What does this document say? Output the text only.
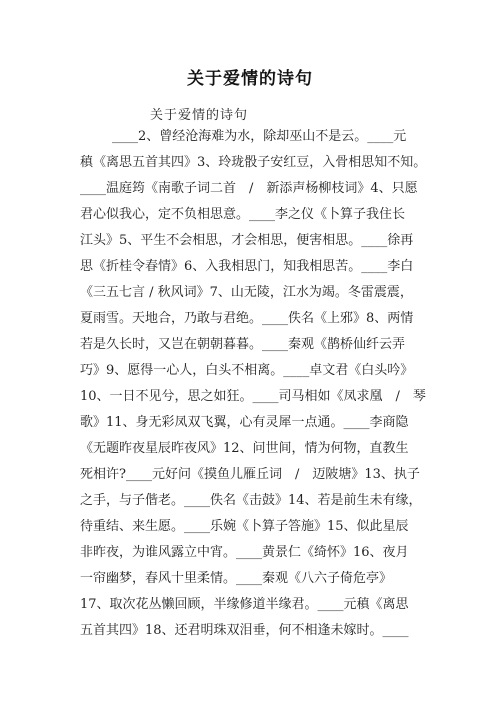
关于爱情的诗句
关于爱情的诗句
____2、曾经沧海难为水，除却巫山不是云。____元
稹《离思五首其四》3、玲珑骰子安红豆，入骨相思知不知。
____温庭筠《南歌子词二首　/　新添声杨柳枝词》4、只愿
君心似我心，定不负相思意。____李之仪《卜算子我住长
江头》5、平生不会相思，才会相思，便害相思。____徐再
思《折桂令春情》6、入我相思门，知我相思苦。____李白
《三五七言 / 秋风词》7、山无陵，江水为竭。冬雷震震，
夏雨雪。天地合，乃敢与君绝。____佚名《上邪》8、两情
若是久长时，又岂在朝朝暮暮。____秦观《鹊桥仙纤云弄
巧》9、愿得一心人，白头不相离。____卓文君《白头吟》
10、一日不见兮，思之如狂。____司马相如《凤求凰　/　琴
歌》11、身无彩凤双飞翼，心有灵犀一点通。____李商隐
《无题昨夜星辰昨夜风》12、问世间，情为何物，直教生
死相许?____元好问《摸鱼儿雁丘词　/　迈陂塘》13、执子
之手，与子偕老。____佚名《击鼓》14、若是前生未有缘，
待重结、来生愿。____乐婉《卜算子答施》15、似此星辰
非昨夜，为谁风露立中宵。____黄景仁《绮怀》16、夜月
一帘幽梦，春风十里柔情。____秦观《八六子倚危亭》
17、取次花丛懒回顾，半缘修道半缘君。____元稹《离思
五首其四》18、还君明珠双泪垂，何不相逢未嫁时。____
